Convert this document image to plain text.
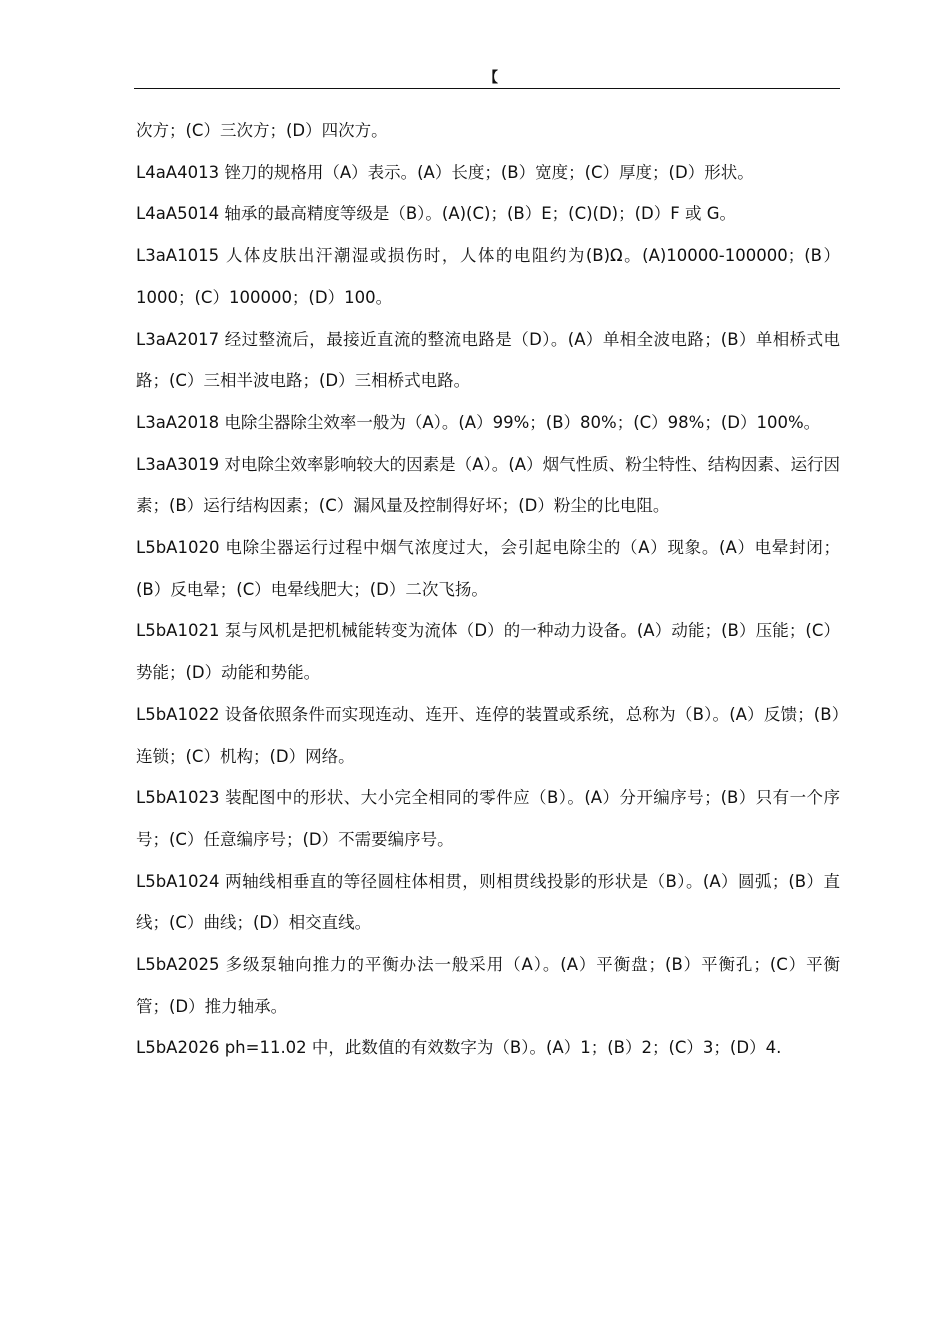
【

次方；(C）三次方；(D）四次方。

L4aA4013 锉刀的规格用（A）表示。(A）长度；(B）宽度；(C）厚度；(D）形状。

L4aA5014 轴承的最高精度等级是（B）。(A)(C)；(B）E；(C)(D)；(D）F 或 G。

L3aA1015 人体皮肤出汗潮湿或损伤时，人体的电阻约为(B)Ω。(A)10000-100000；(B）1000；(C）100000；(D）100。

L3aA2017 经过整流后，最接近直流的整流电路是（D）。(A）单相全波电路；(B）单相桥式电路；(C）三相半波电路；(D）三相桥式电路。

L3aA2018 电除尘器除尘效率一般为（A）。(A）99%；(B）80%；(C）98%；(D）100%。

L3aA3019 对电除尘效率影响较大的因素是（A）。(A）烟气性质、粉尘特性、结构因素、运行因素；(B）运行结构因素；(C）漏风量及控制得好坏；(D）粉尘的比电阻。

L5bA1020 电除尘器运行过程中烟气浓度过大，会引起电除尘的（A）现象。(A）电晕封闭；(B）反电晕；(C）电晕线肥大；(D）二次飞扬。

L5bA1021 泵与风机是把机械能转变为流体（D）的一种动力设备。(A）动能；(B）压能；(C）势能；(D）动能和势能。

L5bA1022 设备依照条件而实现连动、连开、连停的装置或系统，总称为（B）。(A）反馈；(B）连锁；(C）机构；(D）网络。

L5bA1023 装配图中的形状、大小完全相同的零件应（B）。(A）分开编序号；(B）只有一个序号；(C）任意编序号；(D）不需要编序号。

L5bA1024 两轴线相垂直的等径圆柱体相贯，则相贯线投影的形状是（B）。(A）圆弧；(B）直线；(C）曲线；(D）相交直线。

L5bA2025 多级泵轴向推力的平衡办法一般采用（A）。(A）平衡盘；(B）平衡孔；(C）平衡管；(D）推力轴承。

L5bA2026 ph=11.02 中，此数值的有效数字为（B）。(A）1；(B）2；(C）3；(D）4.
